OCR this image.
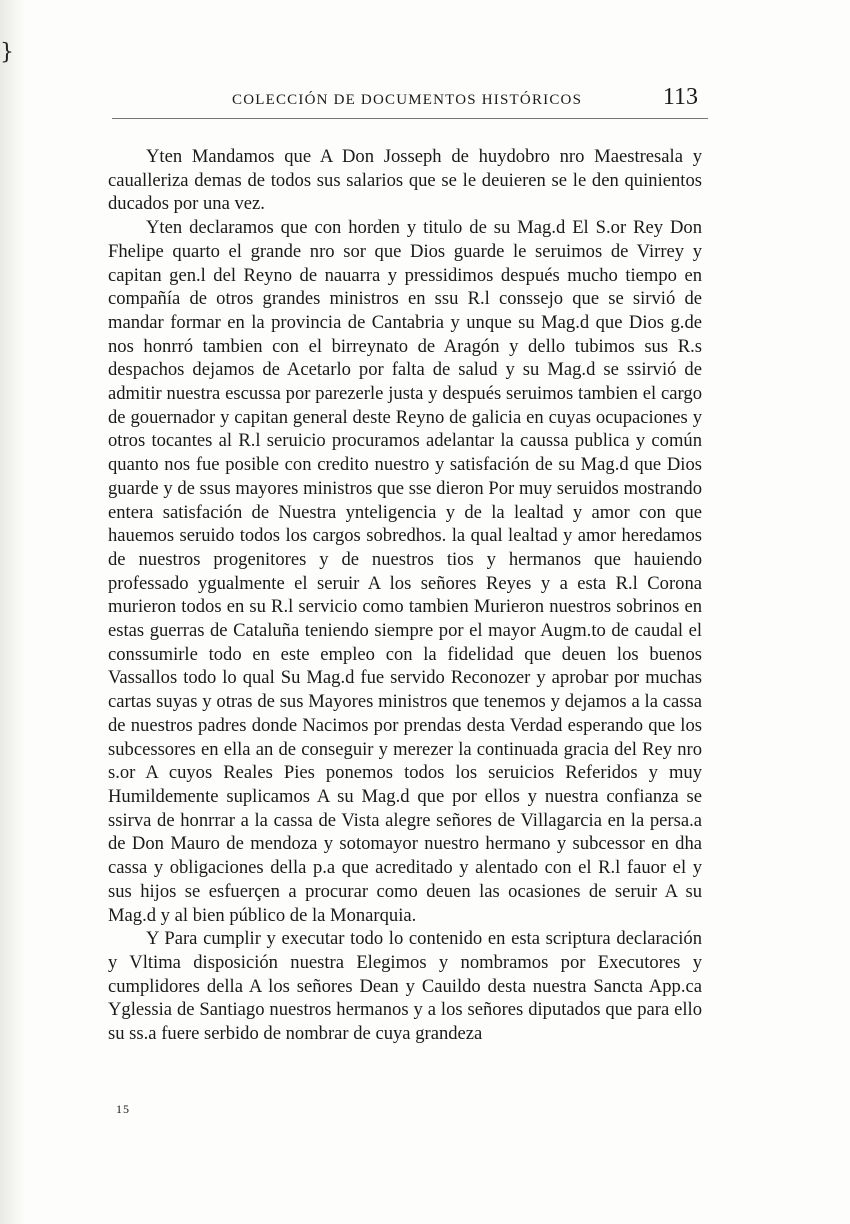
}
COLECCIÓN DE DOCUMENTOS HISTÓRICOS	113

Yten Mandamos que A Don Josseph de huydobro nro Maestresala y caualleriza demas de todos sus salarios que se le deuieren se le den quinientos ducados por una vez.

Yten declaramos que con horden y titulo de su Mag.d El S.or Rey Don Fhelipe quarto el grande nro sor que Dios guarde le seruimos de Virrey y capitan gen.l del Reyno de nauarra y pressidimos después mucho tiempo en compañía de otros grandes ministros en ssu R.l conssejo que se sirvió de mandar formar en la provincia de Cantabria y unque su Mag.d que Dios g.de nos honrró tambien con el birreynato de Aragón y dello tubimos sus R.s despachos dejamos de Acetarlo por falta de salud y su Mag.d se ssirvió de admitir nuestra escussa por parezerle justa y después seruimos tambien el cargo de gouernador y capitan general deste Reyno de galicia en cuyas ocupaciones y otros tocantes al R.l seruicio procuramos adelantar la caussa publica y común quanto nos fue posible con credito nuestro y satisfación de su Mag.d que Dios guarde y de ssus mayores ministros que sse dieron Por muy seruidos mostrando entera satisfación de Nuestra ynteligencia y de la lealtad y amor con que hauemos seruido todos los cargos sobredhos. la qual lealtad y amor heredamos de nuestros progenitores y de nuestros tios y hermanos que hauiendo professado ygualmente el seruir A los señores Reyes y a esta R.l Corona murieron todos en su R.l servicio como tambien Murieron nuestros sobrinos en estas guerras de Cataluña teniendo siempre por el mayor Augm.to de caudal el conssumirle todo en este empleo con la fidelidad que deuen los buenos Vassallos todo lo qual Su Mag.d fue servido Reconozer y aprobar por muchas cartas suyas y otras de sus Mayores ministros que tenemos y dejamos a la cassa de nuestros padres donde Nacimos por prendas desta Verdad esperando que los subcessores en ella an de conseguir y merezer la continuada gracia del Rey nro s.or A cuyos Reales Pies ponemos todos los seruicios Referidos y muy Humildemente suplicamos A su Mag.d que por ellos y nuestra confianza se ssirva de honrrar a la cassa de Vista alegre señores de Villagarcia en la persa.a de Don Mauro de mendoza y sotomayor nuestro hermano y subcessor en dha cassa y obligaciones della p.a que acreditado y alentado con el R.l fauor el y sus hijos se esfuerçen a procurar como deuen las ocasiones de seruir A su Mag.d y al bien público de la Monarquia.

Y Para cumplir y executar todo lo contenido en esta scriptura declaración y Vltima disposición nuestra Elegimos y nombramos por Executores y cumplidores della A los señores Dean y Cauildo desta nuestra Sancta App.ca Yglessia de Santiago nuestros hermanos y a los señores diputados que para ello su ss.a fuere serbido de nombrar de cuya grandeza

15
